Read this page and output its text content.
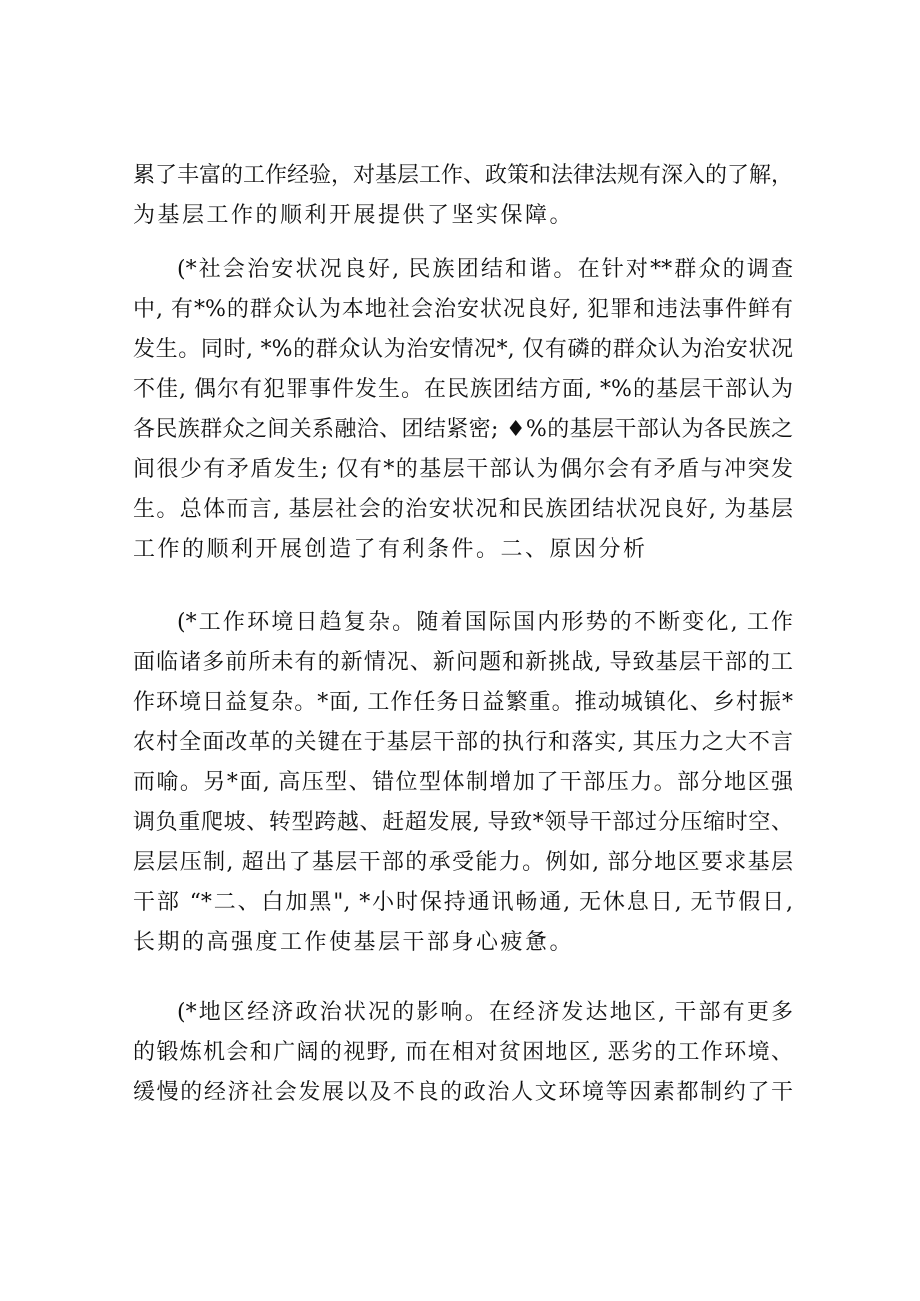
累了丰富的工作经验，对基层工作、政策和法律法规有深入的了解，
为基层工作的顺利开展提供了坚实保障。
(*社会治安状况良好, 民族团结和谐。在针对**群众的调查
中, 有*%的群众认为本地社会治安状况良好, 犯罪和违法事件鲜有
发生。同时, *%的群众认为治安情况*, 仅有磷的群众认为治安状况
不佳, 偶尔有犯罪事件发生。在民族团结方面, *%的基层干部认为
各民族群众之间关系融洽、团结紧密; ♦%的基层干部认为各民族之
间很少有矛盾发生; 仅有*的基层干部认为偶尔会有矛盾与冲突发
生。总体而言, 基层社会的治安状况和民族团结状况良好, 为基层
工作的顺利开展创造了有利条件。二、原因分析
(*工作环境日趋复杂。随着国际国内形势的不断变化, 工作
面临诸多前所未有的新情况、新问题和新挑战, 导致基层干部的工
作环境日益复杂。*面, 工作任务日益繁重。推动城镇化、乡村振*
农村全面改革的关键在于基层干部的执行和落实, 其压力之大不言
而喻。另*面, 高压型、错位型体制增加了干部压力。部分地区强
调负重爬坡、转型跨越、赶超发展, 导致*领导干部过分压缩时空、
层层压制, 超出了基层干部的承受能力。例如, 部分地区要求基层
干部 “*二、白加黑", *小时保持通讯畅通, 无休息日, 无节假日,
长期的高强度工作使基层干部身心疲惫。
(*地区经济政治状况的影响。在经济发达地区, 干部有更多
的锻炼机会和广阔的视野, 而在相对贫困地区, 恶劣的工作环境、
缓慢的经济社会发展以及不良的政治人文环境等因素都制约了干
